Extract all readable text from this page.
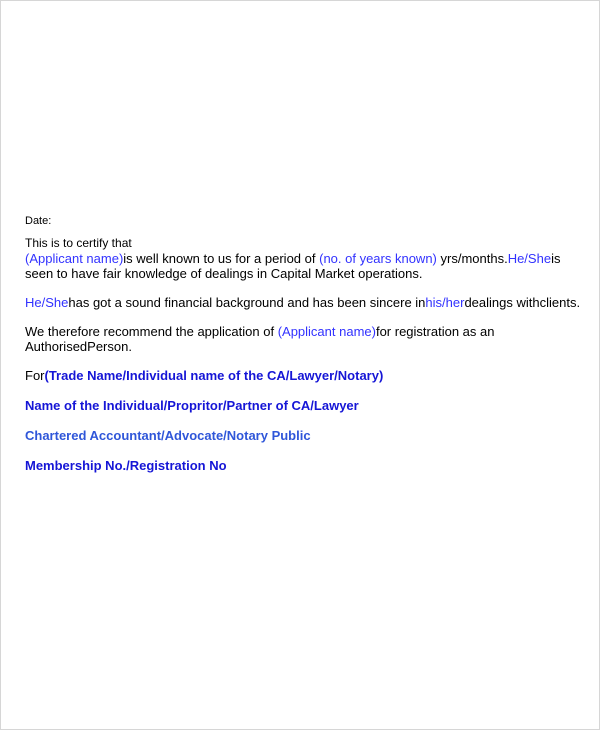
Date:

This is to certify that

(Applicant name)is well known to us for a period of (no. of years known) yrs/months.He/Sheis seen to have fair knowledge of dealings in Capital Market operations.

He/Shehas got a sound financial background and has been sincere inhis/herdealings withclients.

We therefore recommend the application of (Applicant name)for registration as an AuthorisedPerson.

For(Trade Name/Individual name of the CA/Lawyer/Notary)

Name of the Individual/Propritor/Partner of CA/Lawyer

Chartered Accountant/Advocate/Notary Public

Membership No./Registration No
